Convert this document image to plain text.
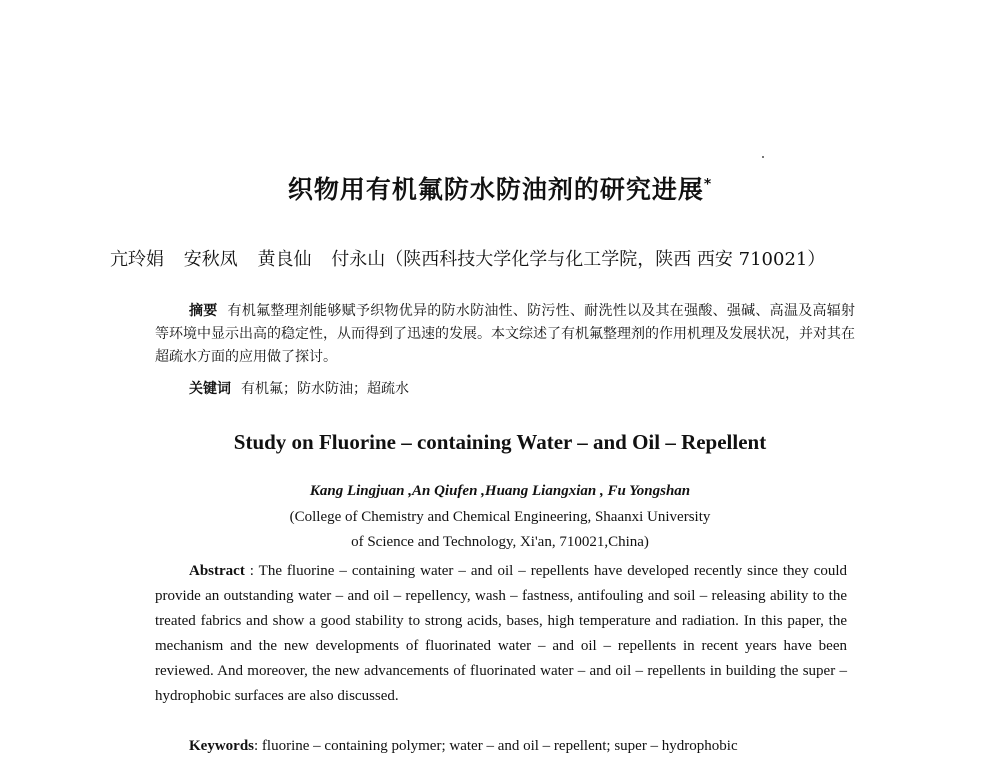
织物用有机氟防水防油剂的研究进展*
亢玲娟 安秋凤 黄良仙 付永山（陕西科技大学化学与化工学院，陕西 西安 710021）
摘要 有机氟整理剂能够赋予织物优异的防水防油性、防污性、耐洗性以及其在强酸、强碱、高温及高辐射等环境中显示出高的稳定性，从而得到了迅速的发展。本文综述了有机氟整理剂的作用机理及发展状况，并对其在超疏水方面的应用做了探讨。
关键词 有机氟；防水防油；超疏水
Study on Fluorine – containing Water – and Oil – Repellent
Kang Lingjuan ,An Qiufen ,Huang Liangxian , Fu Yongshan
(College of Chemistry and Chemical Engineering, Shaanxi University
of Science and Technology, Xi'an, 710021,China)
Abstract : The fluorine – containing water – and oil – repellents have developed recently since they could provide an outstanding water – and oil – repellency, wash – fastness, antifouling and soil – releasing ability to the treated fabrics and show a good stability to strong acids, bases, high temperature and radiation. In this paper, the mechanism and the new developments of fluorinated water – and oil – repellents in recent years have been reviewed. And moreover, the new advancements of fluorinated water – and oil – repellents in building the super – hydrophobic surfaces are also discussed.
Keywords: fluorine – containing polymer; water – and oil – repellent; super – hydrophobic
